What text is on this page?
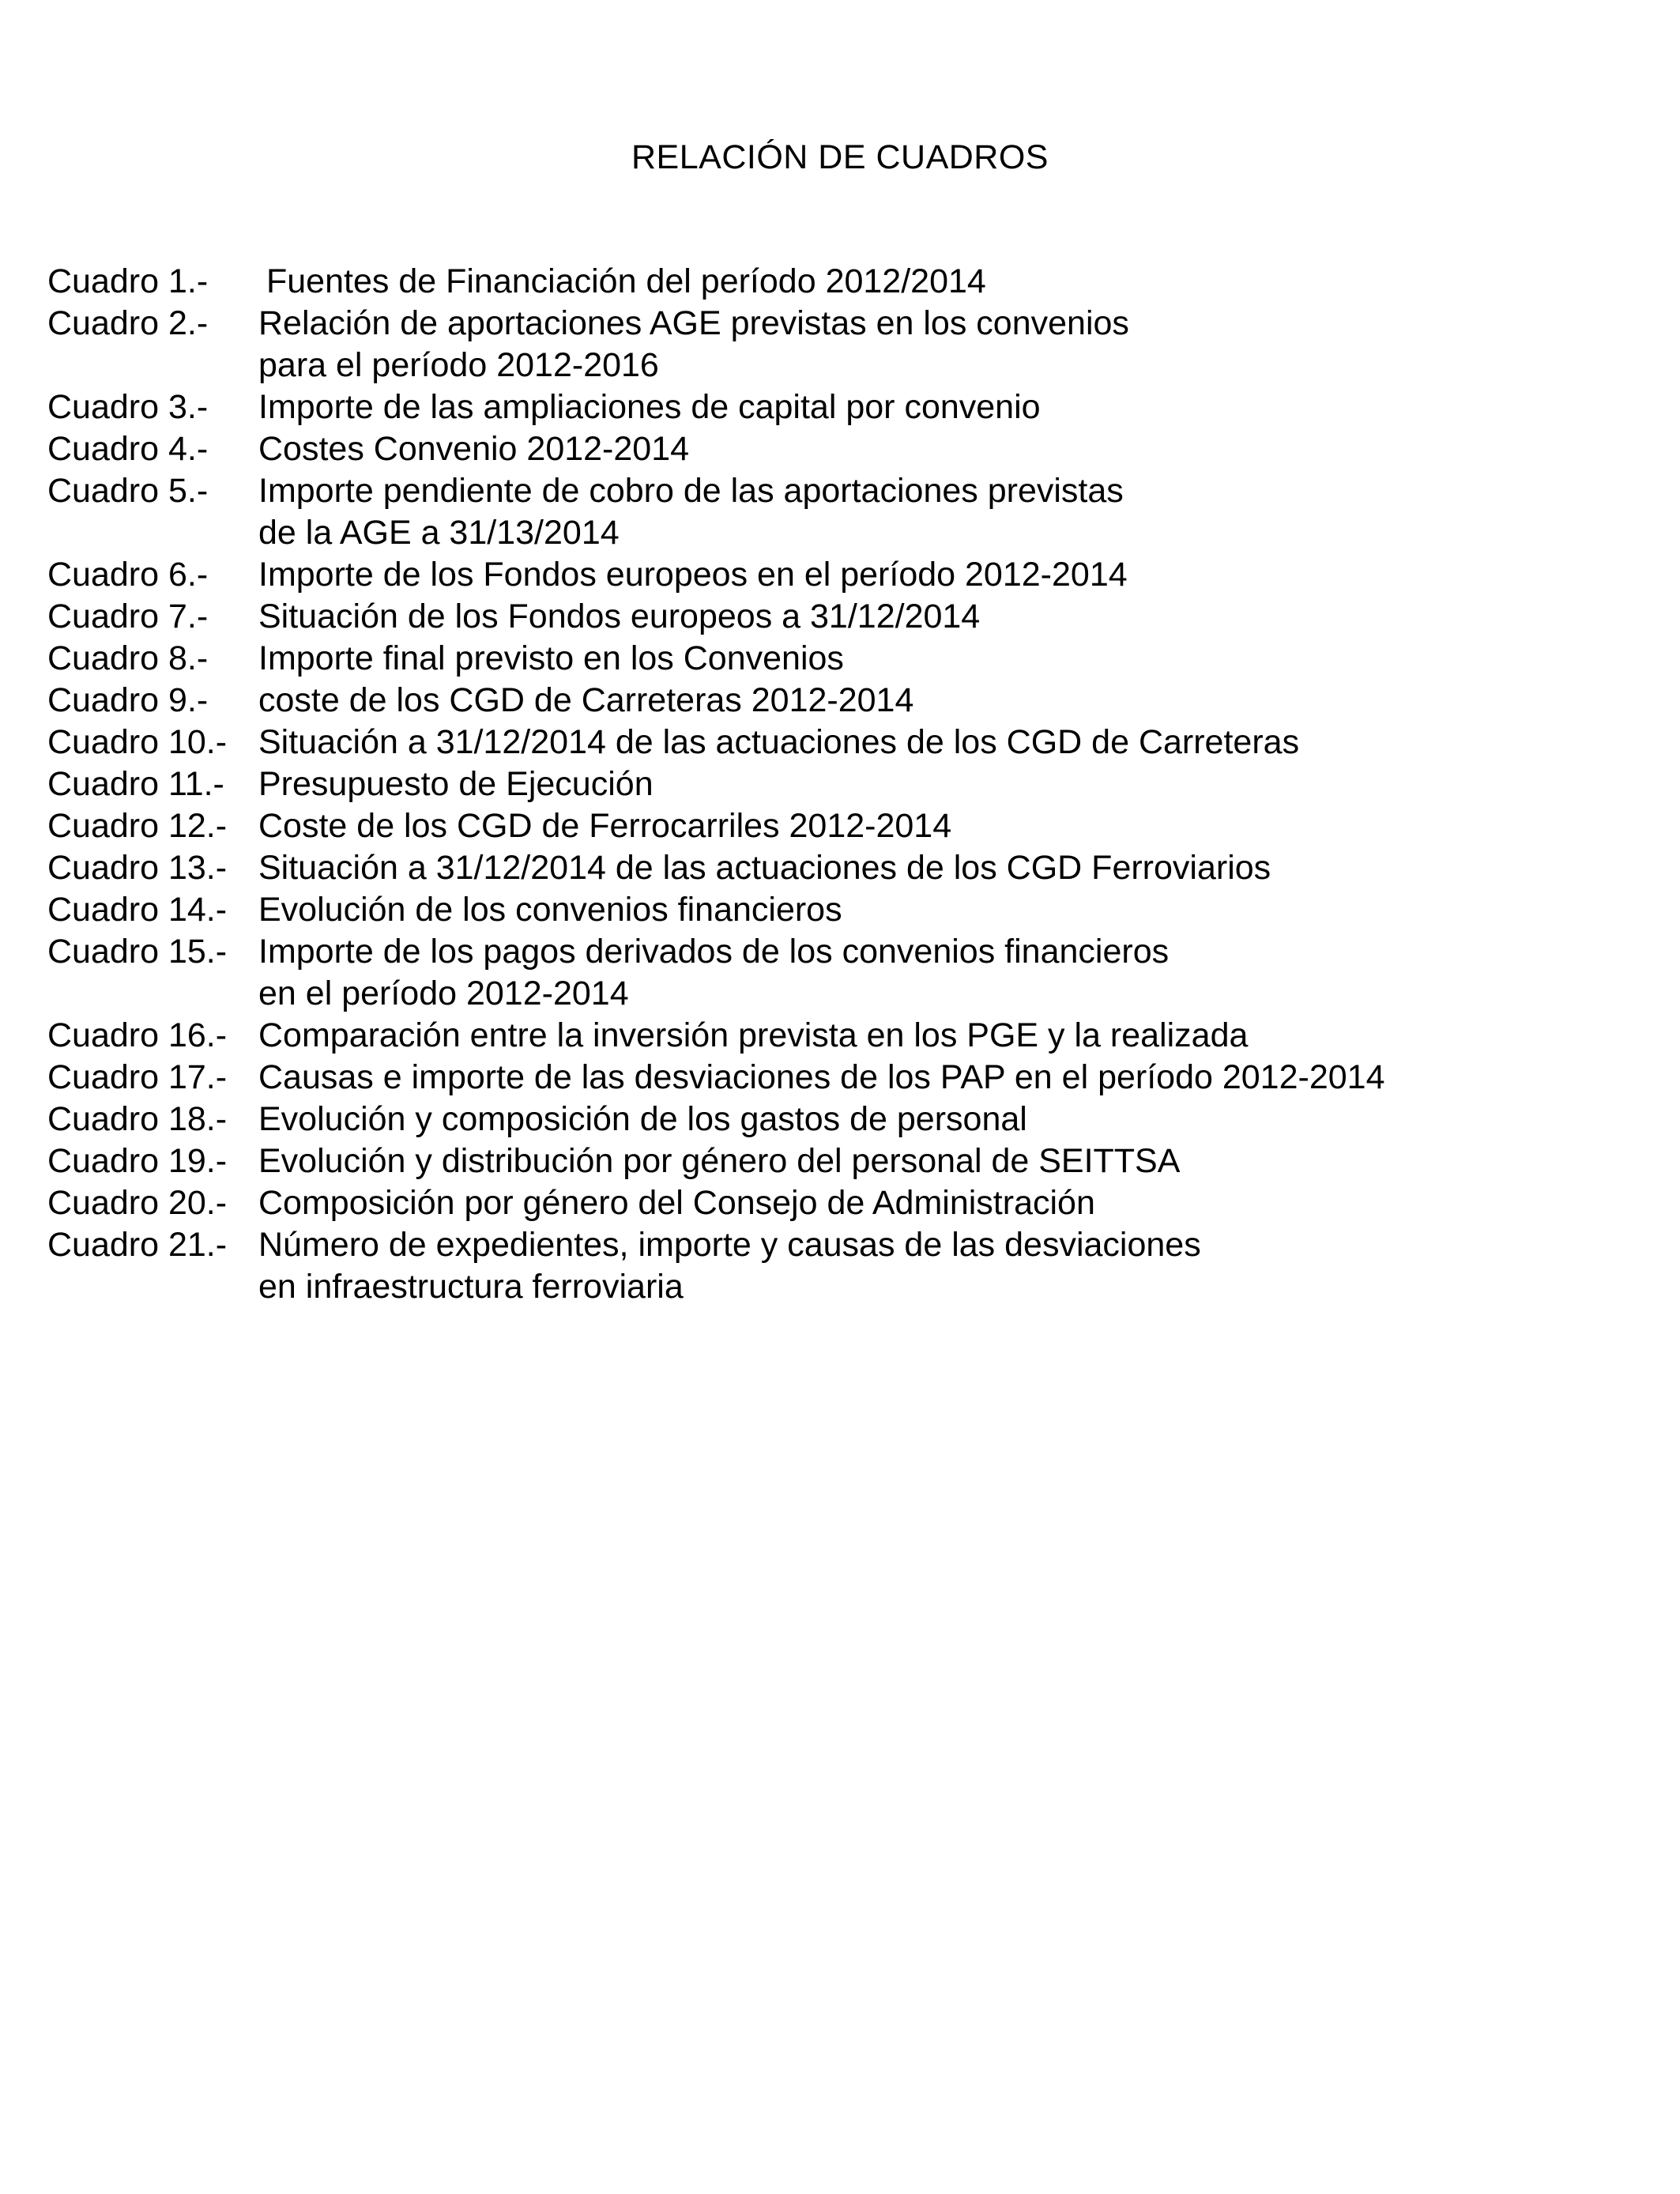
RELACIÓN DE CUADROS
Cuadro 1.-	Fuentes de Financiación del período 2012/2014
Cuadro 2.-	Relación de aportaciones AGE previstas en los convenios
para el período 2012-2016
Cuadro 3.-	Importe de las ampliaciones de capital por convenio
Cuadro 4.-	Costes Convenio 2012-2014
Cuadro 5.-	Importe pendiente de cobro de las aportaciones previstas
de la AGE a 31/13/2014
Cuadro 6.-	Importe de los Fondos europeos en el período 2012-2014
Cuadro 7.-	Situación de los Fondos europeos a 31/12/2014
Cuadro 8.-	Importe final previsto en los Convenios
Cuadro 9.-	coste de los CGD de Carreteras 2012-2014
Cuadro 10.- Situación a 31/12/2014 de las actuaciones de los CGD de Carreteras
Cuadro 11.-	Presupuesto de Ejecución
Cuadro 12.- Coste de los CGD de Ferrocarriles 2012-2014
Cuadro 13.- Situación a 31/12/2014 de las actuaciones de los CGD Ferroviarios
Cuadro 14.- Evolución de los convenios financieros
Cuadro 15.- Importe de los pagos derivados de los convenios financieros
en el período 2012-2014
Cuadro 16.- Comparación entre la inversión prevista en los PGE y la realizada
Cuadro 17.- Causas e importe de las desviaciones de los PAP en el período 2012-2014
Cuadro 18.- Evolución y composición de los gastos de personal
Cuadro 19.- Evolución y distribución por género del personal de SEITTSA
Cuadro 20.- Composición por género del Consejo de Administración
Cuadro 21.- Número de expedientes, importe y causas de las desviaciones
en infraestructura ferroviaria
